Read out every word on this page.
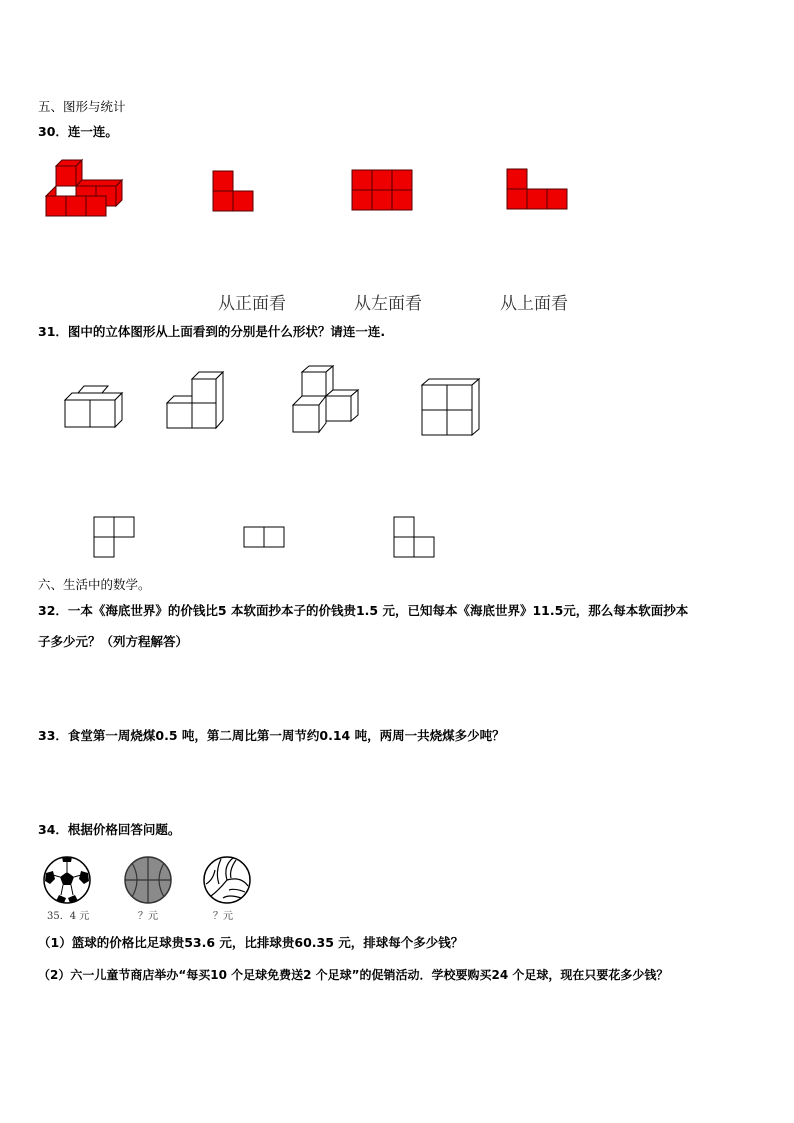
五、图形与统计
30．连一连。
从正面看	从左面看	从上面看
31．图中的立体图形从上面看到的分别是什么形状？请连一连.
六、生活中的数学。
32．一本《海底世界》的价钱比5 本软面抄本子的价钱贵1.5 元，已知每本《海底世界》11.5元，那么每本软面抄本
子多少元？（列方程解答）
33．食堂第一周烧煤0.5 吨，第二周比第一周节约0.14 吨，两周一共烧煤多少吨？
34．根据价格回答问题。
35．4 元	？元	？元
（1）篮球的价格比足球贵53.6 元，比排球贵60.35 元，排球每个多少钱？
（2）六一儿童节商店举办“每买10 个足球免费送2 个足球”的促销活动．学校要购买24 个足球，现在只要花多少钱？
